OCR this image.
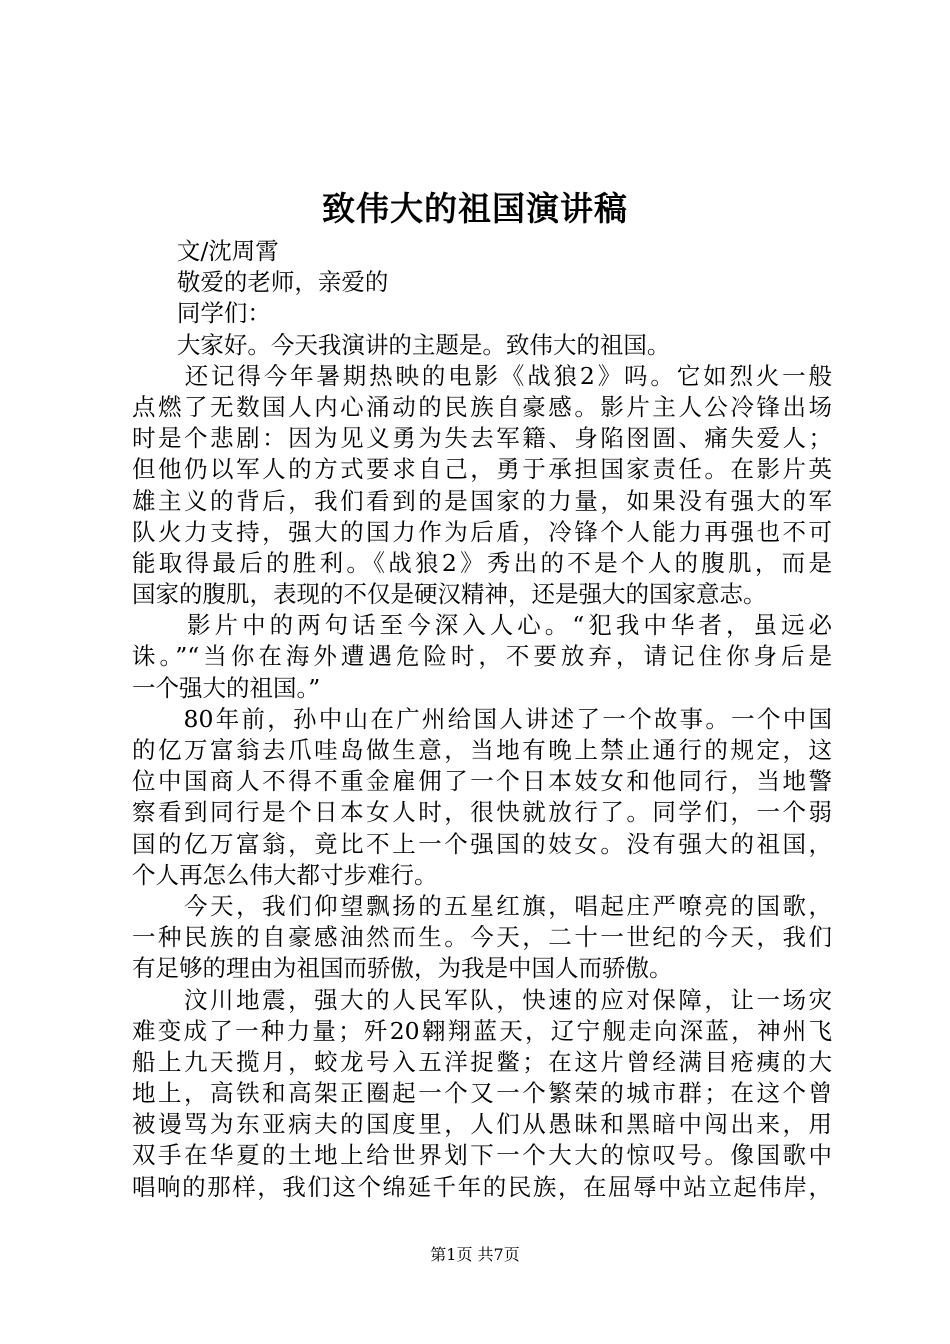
致伟大的祖国演讲稿
文/沈周霄
敬爱的老师，亲爱的
同学们：
大家好。今天我演讲的主题是。致伟大的祖国。
　　还记得今年暑期热映的电影《战狼2》吗。它如烈火一般
点燃了无数国人内心涌动的民族自豪感。影片主人公冷锋出场
时是个悲剧：因为见义勇为失去军籍、身陷囹圄、痛失爱人；
但他仍以军人的方式要求自己，勇于承担国家责任。在影片英
雄主义的背后，我们看到的是国家的力量，如果没有强大的军
队火力支持，强大的国力作为后盾，冷锋个人能力再强也不可
能取得最后的胜利。《战狼2》秀出的不是个人的腹肌，而是
国家的腹肌，表现的不仅是硬汉精神，还是强大的国家意志。
　　影片中的两句话至今深入人心。“犯我中华者，虽远必
诛。”“当你在海外遭遇危险时，不要放弃，请记住你身后是
一个强大的祖国。”
　　80年前，孙中山在广州给国人讲述了一个故事。一个中国
的亿万富翁去爪哇岛做生意，当地有晚上禁止通行的规定，这
位中国商人不得不重金雇佣了一个日本妓女和他同行，当地警
察看到同行是个日本女人时，很快就放行了。同学们，一个弱
国的亿万富翁，竟比不上一个强国的妓女。没有强大的祖国，
个人再怎么伟大都寸步难行。
　　今天，我们仰望飘扬的五星红旗，唱起庄严嘹亮的国歌，
一种民族的自豪感油然而生。今天，二十一世纪的今天，我们
有足够的理由为祖国而骄傲，为我是中国人而骄傲。
　　汶川地震，强大的人民军队，快速的应对保障，让一场灾
难变成了一种力量；歼20翱翔蓝天，辽宁舰走向深蓝，神州飞
船上九天揽月，蛟龙号入五洋捉鳖；在这片曾经满目疮痍的大
地上，高铁和高架正圈起一个又一个繁荣的城市群；在这个曾
被谩骂为东亚病夫的国度里，人们从愚昧和黑暗中闯出来，用
双手在华夏的土地上给世界划下一个大大的惊叹号。像国歌中
唱响的那样，我们这个绵延千年的民族，在屈辱中站立起伟岸，
第1页 共7页
